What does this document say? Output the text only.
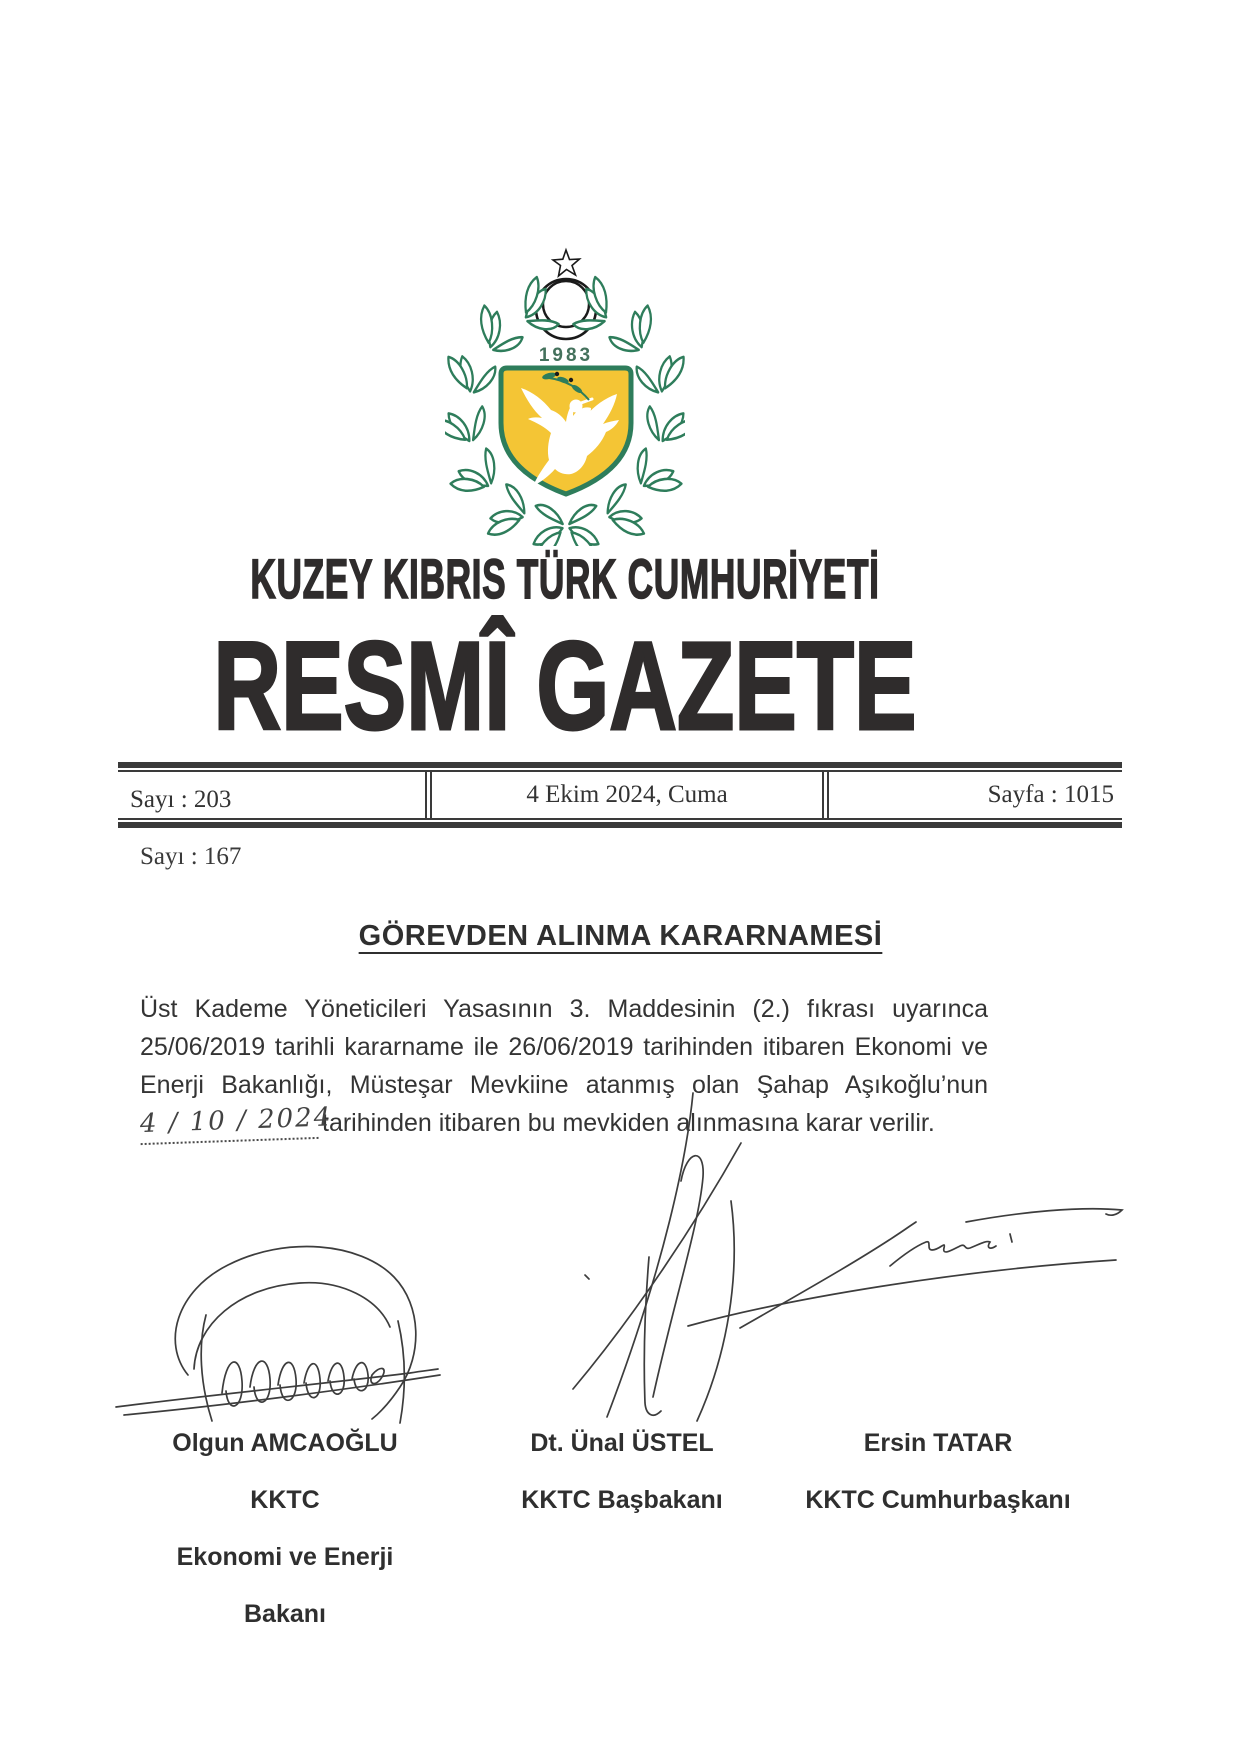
1983
KUZEY KIBRIS TÜRK CUMHURİYETİ
RESMÎ GAZETE
Sayı : 203	4 Ekim 2024, Cuma	Sayfa : 1015
Sayı : 167
GÖREVDEN ALINMA KARARNAMESİ
Üst Kademe Yöneticileri Yasasının 3. Maddesinin (2.) fıkrası uyarınca
25/06/2019 tarihli kararname ile 26/06/2019 tarihinden itibaren Ekonomi ve
Enerji Bakanlığı, Müsteşar Mevkiine atanmış olan Şahap Aşıkoğlu’nun
4 / 10 / 2024
tarihinden itibaren bu mevkiden alınmasına karar verilir.

Olgun AMCAOĞLU

KKTC

Ekonomi ve Enerji

Bakanı

Dt. Ünal ÜSTEL

KKTC Başbakanı

Ersin TATAR

KKTC Cumhurbaşkanı
